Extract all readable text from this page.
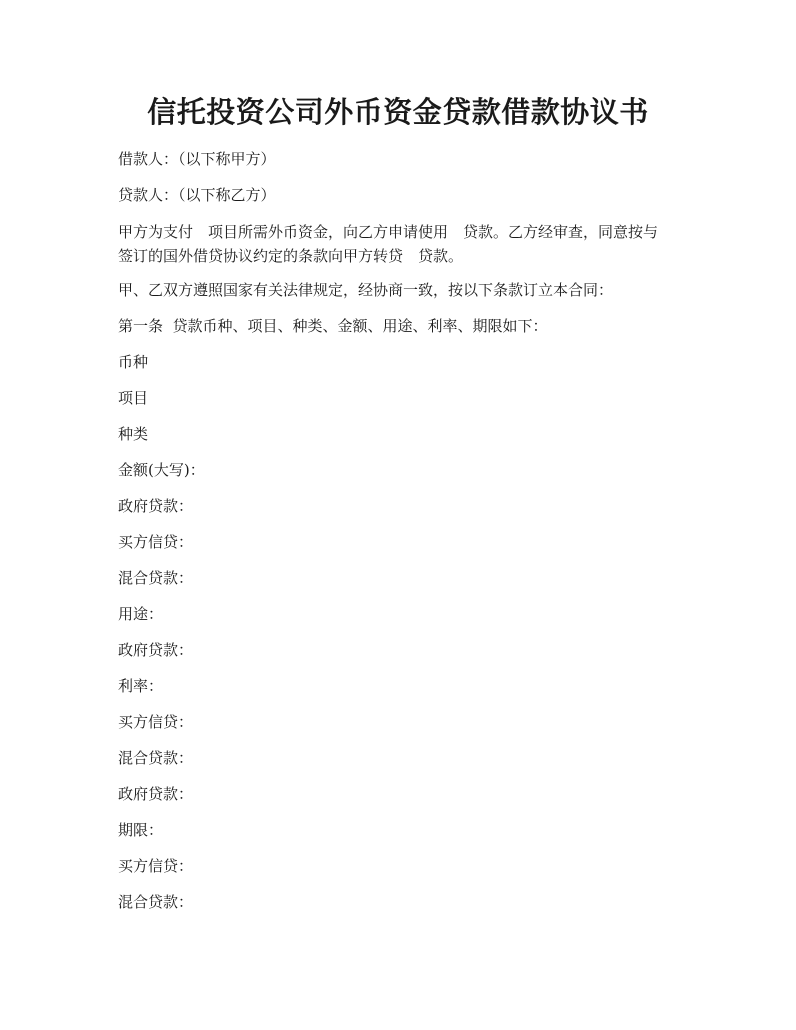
信托投资公司外币资金贷款借款协议书

借款人：（以下称甲方）

贷款人：（以下称乙方）

甲方为支付　项目所需外币资金，向乙方申请使用　贷款。乙方经审查，同意按与　签订的国外借贷协议约定的条款向甲方转贷　贷款。

甲、乙双方遵照国家有关法律规定，经协商一致，按以下条款订立本合同：

第一条  贷款币种、项目、种类、金额、用途、利率、期限如下：

币种

项目

种类

金额(大写)：

政府贷款：

买方信贷：

混合贷款：

用途：

政府贷款：

利率：

买方信贷：

混合贷款：

政府贷款：

期限：

买方信贷：

混合贷款：
